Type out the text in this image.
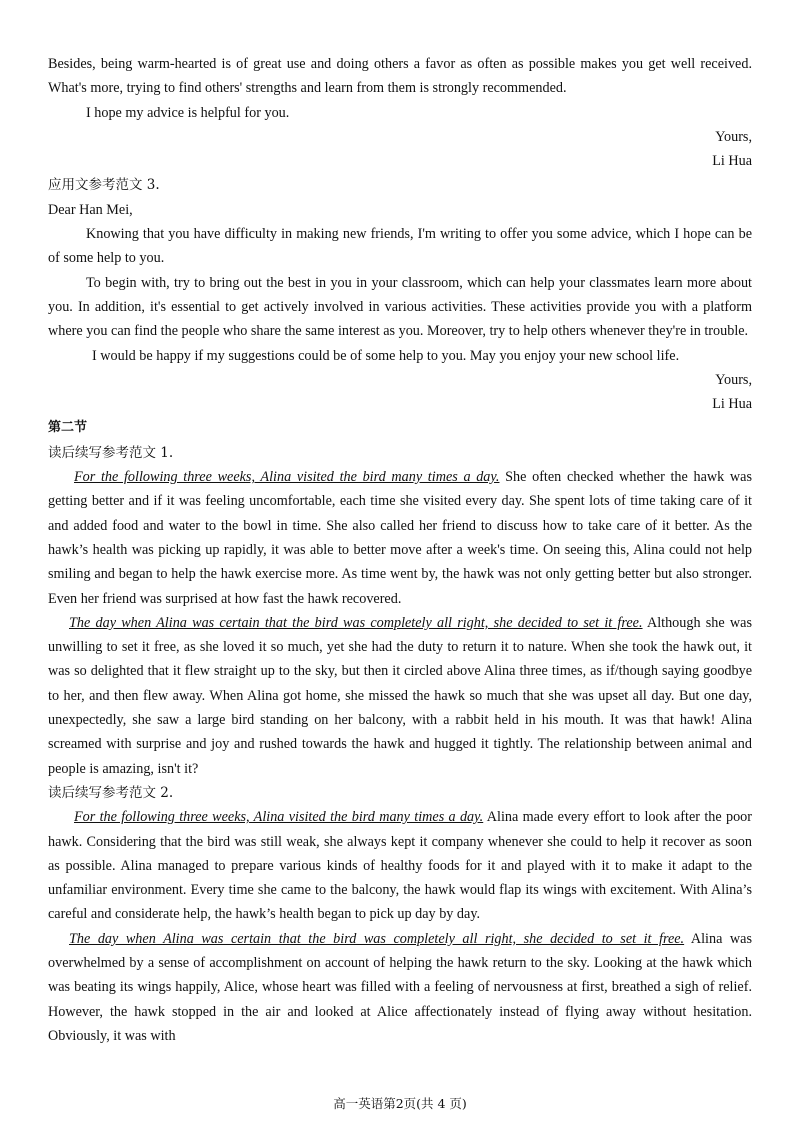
Besides, being warm-hearted is of great use and doing others a favor as often as possible makes you get well received. What's more, trying to find others' strengths and learn from them is strongly recommended.

I hope my advice is helpful for you.

Yours,

Li Hua

应用文参考范文 3.

Dear Han Mei,

Knowing that you have difficulty in making new friends, I'm writing to offer you some advice, which I hope can be of some help to you.

To begin with, try to bring out the best in you in your classroom, which can help your classmates learn more about you. In addition, it's essential to get actively involved in various activities. These activities provide you with a platform where you can find the people who share the same interest as you. Moreover, try to help others whenever they're in trouble.

I would be happy if my suggestions could be of some help to you. May you enjoy your new school life.

Yours,

Li Hua

第二节

读后续写参考范文 1.

For the following three weeks, Alina visited the bird many times a day. She often checked whether the hawk was getting better and if it was feeling uncomfortable, each time she visited every day. She spent lots of time taking care of it and added food and water to the bowl in time. She also called her friend to discuss how to take care of it better. As the hawk’s health was picking up rapidly, it was able to better move after a week's time. On seeing this, Alina could not help smiling and began to help the hawk exercise more. As time went by, the hawk was not only getting better but also stronger. Even her friend was surprised at how fast the hawk recovered.

The day when Alina was certain that the bird was completely all right, she decided to set it free. Although she was unwilling to set it free, as she loved it so much, yet she had the duty to return it to nature. When she took the hawk out, it was so delighted that it flew straight up to the sky, but then it circled above Alina three times, as if/though saying goodbye to her, and then flew away. When Alina got home, she missed the hawk so much that she was upset all day. But one day, unexpectedly, she saw a large bird standing on her balcony, with a rabbit held in his mouth. It was that hawk! Alina screamed with surprise and joy and rushed towards the hawk and hugged it tightly. The relationship between animal and people is amazing, isn't it?

读后续写参考范文 2.

For the following three weeks, Alina visited the bird many times a day. Alina made every effort to look after the poor hawk. Considering that the bird was still weak, she always kept it company whenever she could to help it recover as soon as possible. Alina managed to prepare various kinds of healthy foods for it and played with it to make it adapt to the unfamiliar environment. Every time she came to the balcony, the hawk would flap its wings with excitement. With Alina’s careful and considerate help, the hawk’s health began to pick up day by day.

The day when Alina was certain that the bird was completely all right, she decided to set it free. Alina was overwhelmed by a sense of accomplishment on account of helping the hawk return to the sky. Looking at the hawk which was beating its wings happily, Alice, whose heart was filled with a feeling of nervousness at first, breathed a sigh of relief. However, the hawk stopped in the air and looked at Alice affectionately instead of flying away without hesitation. Obviously, it was with

高一英语第2页(共 4 页)
